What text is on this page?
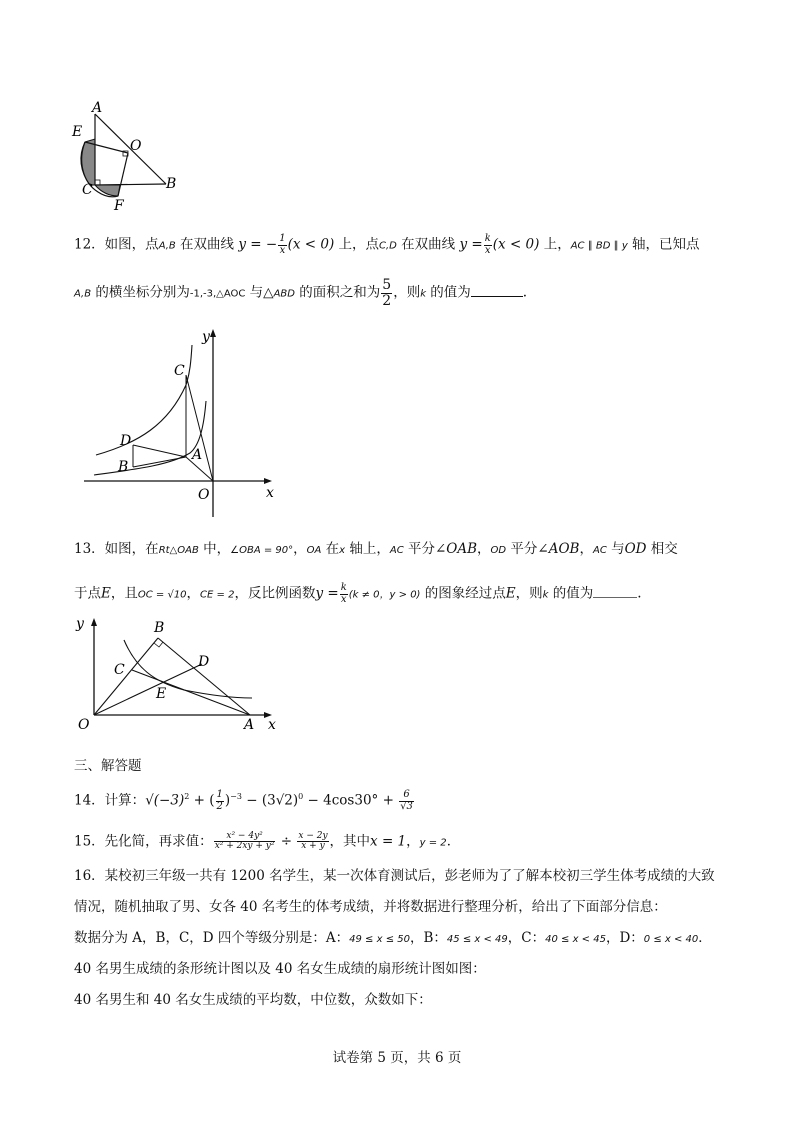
A
E
O
C	B
F
12．如图，点A,B 在双曲线 y = − $\frac{1}{x} (x < 0)$ 上，点C,D 在双曲线 $y = \frac{k}{x} (x < 0)$ 上，AC ∥ BD ∥ y 轴，已知点
A,B 的横坐标分别为-1,-3,△AOC 与△ABD 的面积之和为 $\frac{5}{2}$ ，则k 的值为	.
y
C
D
B
A
O	x
13．如图，在Rt△OAB 中，∠OBA = 90°，OA 在x 轴上，AC 平分∠OAB，OD 平分∠AOB，AC 与OD 相交
于点E，且OC = √10，CE = 2，反比例函数$y = \frac{k}{x} (k \ne 0$，y > 0) 的图象经过点E，则k 的值为	.
y	B
C	D
E
O	A x
三、解答题
14．计算：$√(-3)^2$ + ( $\frac{1}{2} )^{-3} - (3√2)^0 - 4\cos 30^\circ + \frac{6}{√3}$
15．先化简，再求值： $\frac{\text{x² − 4y²}}{\text{x² + 2xy + y²}} \div \frac{x - 2y}{x + y}$ ，其中x = 1，y = 2．
16．某校初三年级一共有 1200 名学生，某一次体育测试后，彭老师为了了解本校初三学生体考成绩的大致
情况，随机抽取了男、女各 40 名考生的体考成绩，并将数据进行整理分析，给出了下面部分信息：
数据分为 A，B，C，D 四个等级分别是：A：49 ≤ x ≤ 50，B：45 ≤ x < 49，C：40 ≤ x < 45，D：0 ≤ x < 40．
40 名男生成绩的条形统计图以及 40 名女生成绩的扇形统计图如图：
40 名男生和 40 名女生成绩的平均数，中位数，众数如下：
试卷第 5 页，共 6 页
